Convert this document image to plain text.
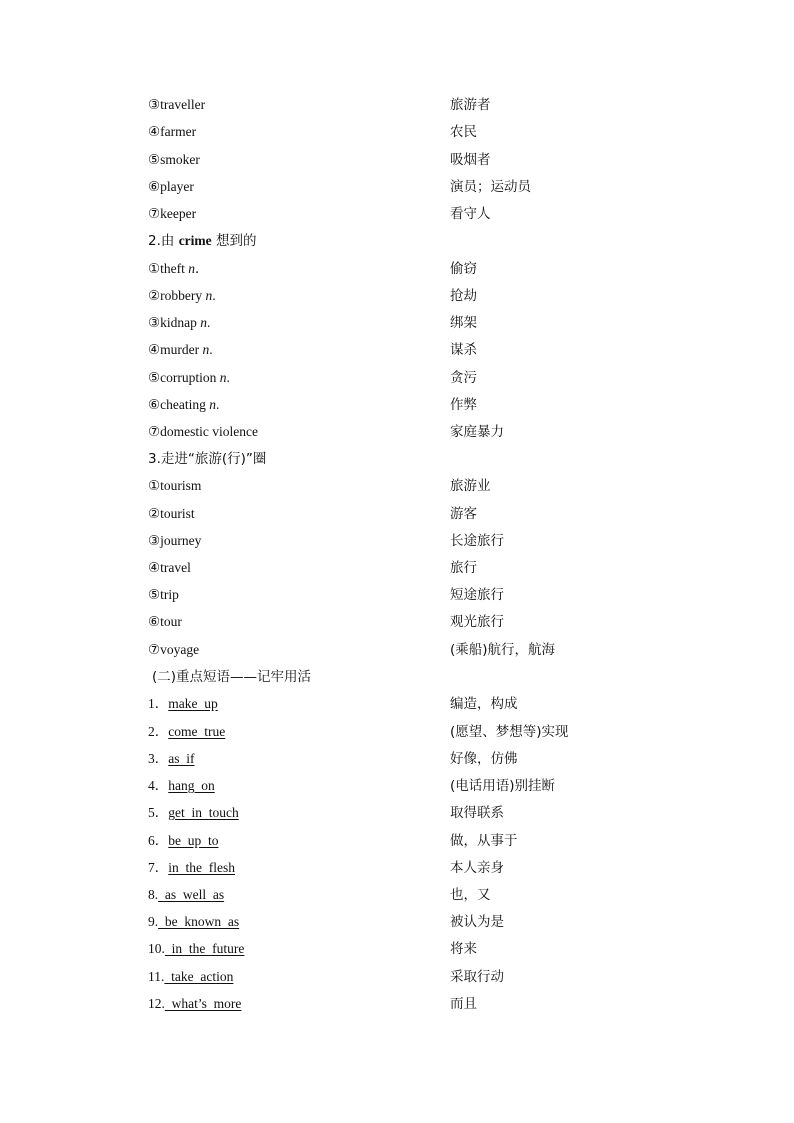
③traveller	旅游者
④farmer	农民
⑤smoker	吸烟者
⑥player	演员；运动员
⑦keeper	看守人
2.由 crime 想到的
①theft n．	偷窃
②robbery n.	抢劫
③kidnap n.	绑架
④murder n.	谋杀
⑤corruption n.	贪污
⑥cheating n.	作弊
⑦domestic violence	家庭暴力
3.走进“旅游(行)”圈
①tourism	旅游业
②tourist	游客
③journey	长途旅行
④travel	旅行
⑤trip	短途旅行
⑥tour	观光旅行
⑦voyage	(乘船)航行，航海
(二)重点短语——记牢用活
1．make  up	编造，构成
2．come  true	(愿望、梦想等)实现
3．as  if	好像，仿佛
4．hang  on	(电话用语)别挂断
5．get  in  touch	取得联系
6．be  up  to	做，从事于
7．in  the  flesh	本人亲身
8.  as  well  as	也，又
9.  be  known  as	被认为是
10.  in  the  future	将来
11.  take  action	采取行动
12.  what’s  more	而且
